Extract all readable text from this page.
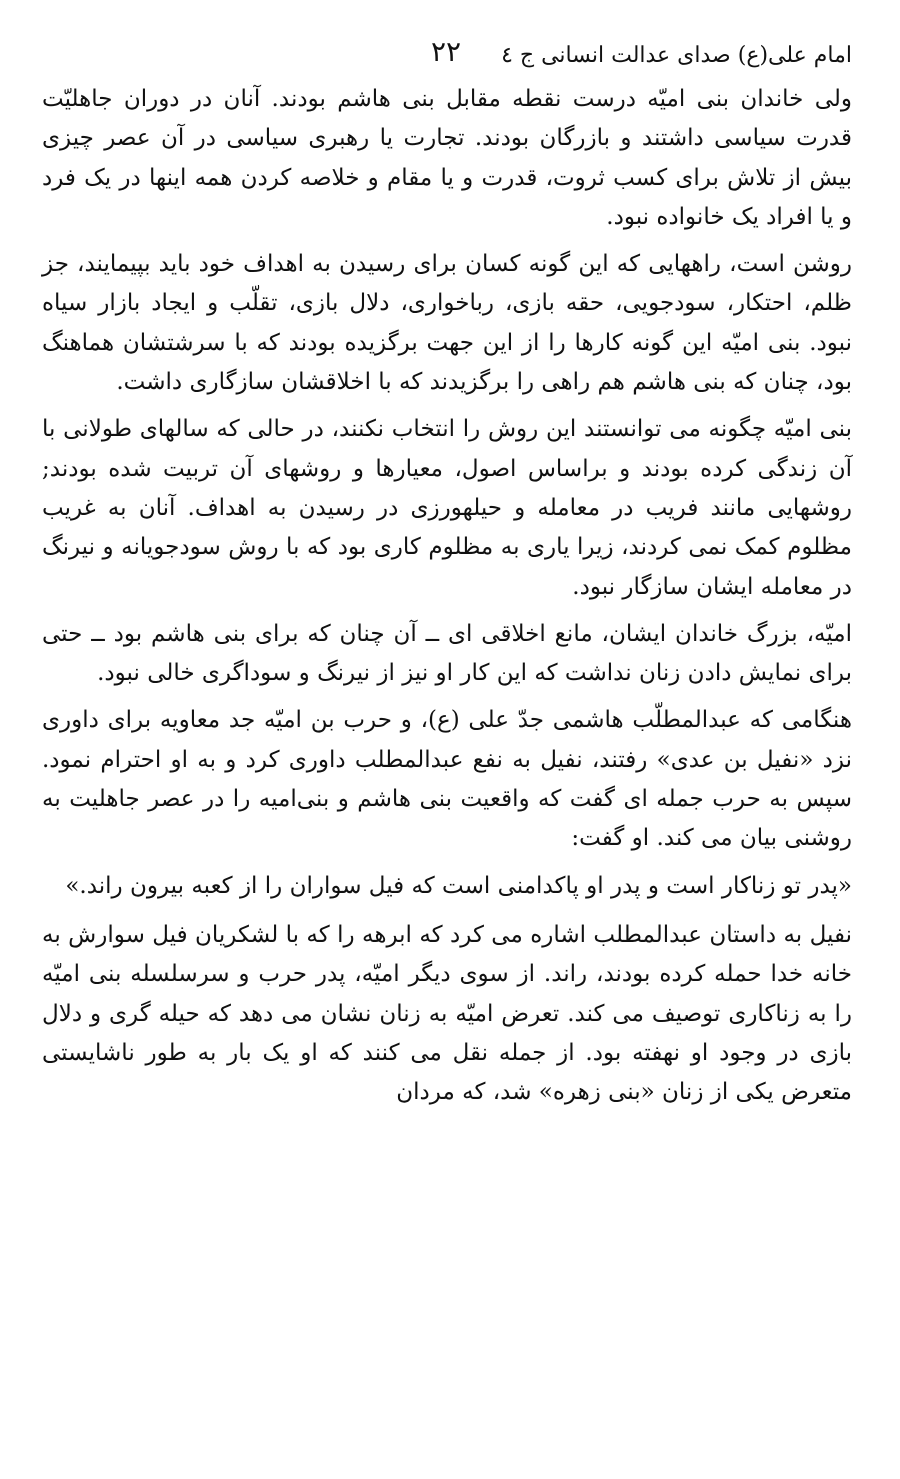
امام علی(ع) صدای عدالت انسانی ج ٤
٢٢

ولی خاندان بنی امیّه درست نقطه مقابل بنی هاشم بودند. آنان در دوران جاهلیّت قدرت سیاسی داشتند و بازرگان بودند. تجارت یا رهبری سیاسی در آن عصر چیزی بیش از تلاش برای کسب ثروت، قدرت و یا مقام و خلاصه کردن همه اینها در یک فرد و یا افراد یک خانواده نبود.

روشن است، راههایی که این گونه کسان برای رسیدن به اهداف خود باید بپیمایند، جز ظلم، احتکار، سودجویی، حقه بازی، رباخواری، دلال بازی، تقلّب و ایجاد بازار سیاه نبود. بنی امیّه این گونه کارها را از این جهت برگزیده بودند که با سرشتشان هماهنگ بود، چنان که بنی هاشم هم راهی را برگزیدند که با اخلاقشان سازگاری داشت.

بنی امیّه چگونه می توانستند این روش را انتخاب نکنند، در حالی که سالهای طولانی با آن زندگی کرده بودند و براساس اصول، معیارها و روشهای آن تربیت شده بودند; روشهایی مانند فریب در معامله و حیلهورزی در رسیدن به اهداف. آنان به غریب مظلوم کمک نمی کردند، زیرا یاری به مظلوم کاری بود که با روش سودجویانه و نیرنگ در معامله ایشان سازگار نبود.

امیّه، بزرگ خاندان ایشان، مانع اخلاقی ای ــ آن چنان که برای بنی هاشم بود ــ حتی برای نمایش دادن زنان نداشت که این کار او نیز از نیرنگ و سوداگری خالی نبود.

هنگامی که عبدالمطلّب هاشمی جدّ علی (ع)، و حرب بن امیّه جد معاویه برای داوری نزد «نفیل بن عدی» رفتند، نفیل به نفع عبدالمطلب داوری کرد و به او احترام نمود. سپس به حرب جمله ای گفت که واقعیت بنی هاشم و بنی‌امیه را در عصر جاهلیت به روشنی بیان می کند. او گفت:

«پدر تو زناکار است و پدر او پاکدامنی است که فیل سواران را از کعبه بیرون راند.»

نفیل به داستان عبدالمطلب اشاره می کرد که ابرهه را که با لشکریان فیل سوارش به خانه خدا حمله کرده بودند، راند. از سوی دیگر امیّه، پدر حرب و سرسلسله بنی امیّه را به زناکاری توصیف می کند. تعرض امیّه به زنان نشان می دهد که حیله گری و دلال بازی در وجود او نهفته بود. از جمله نقل می کنند که او یک بار به طور ناشایستی متعرض یکی از زنان «بنی زهره» شد، که مردان
